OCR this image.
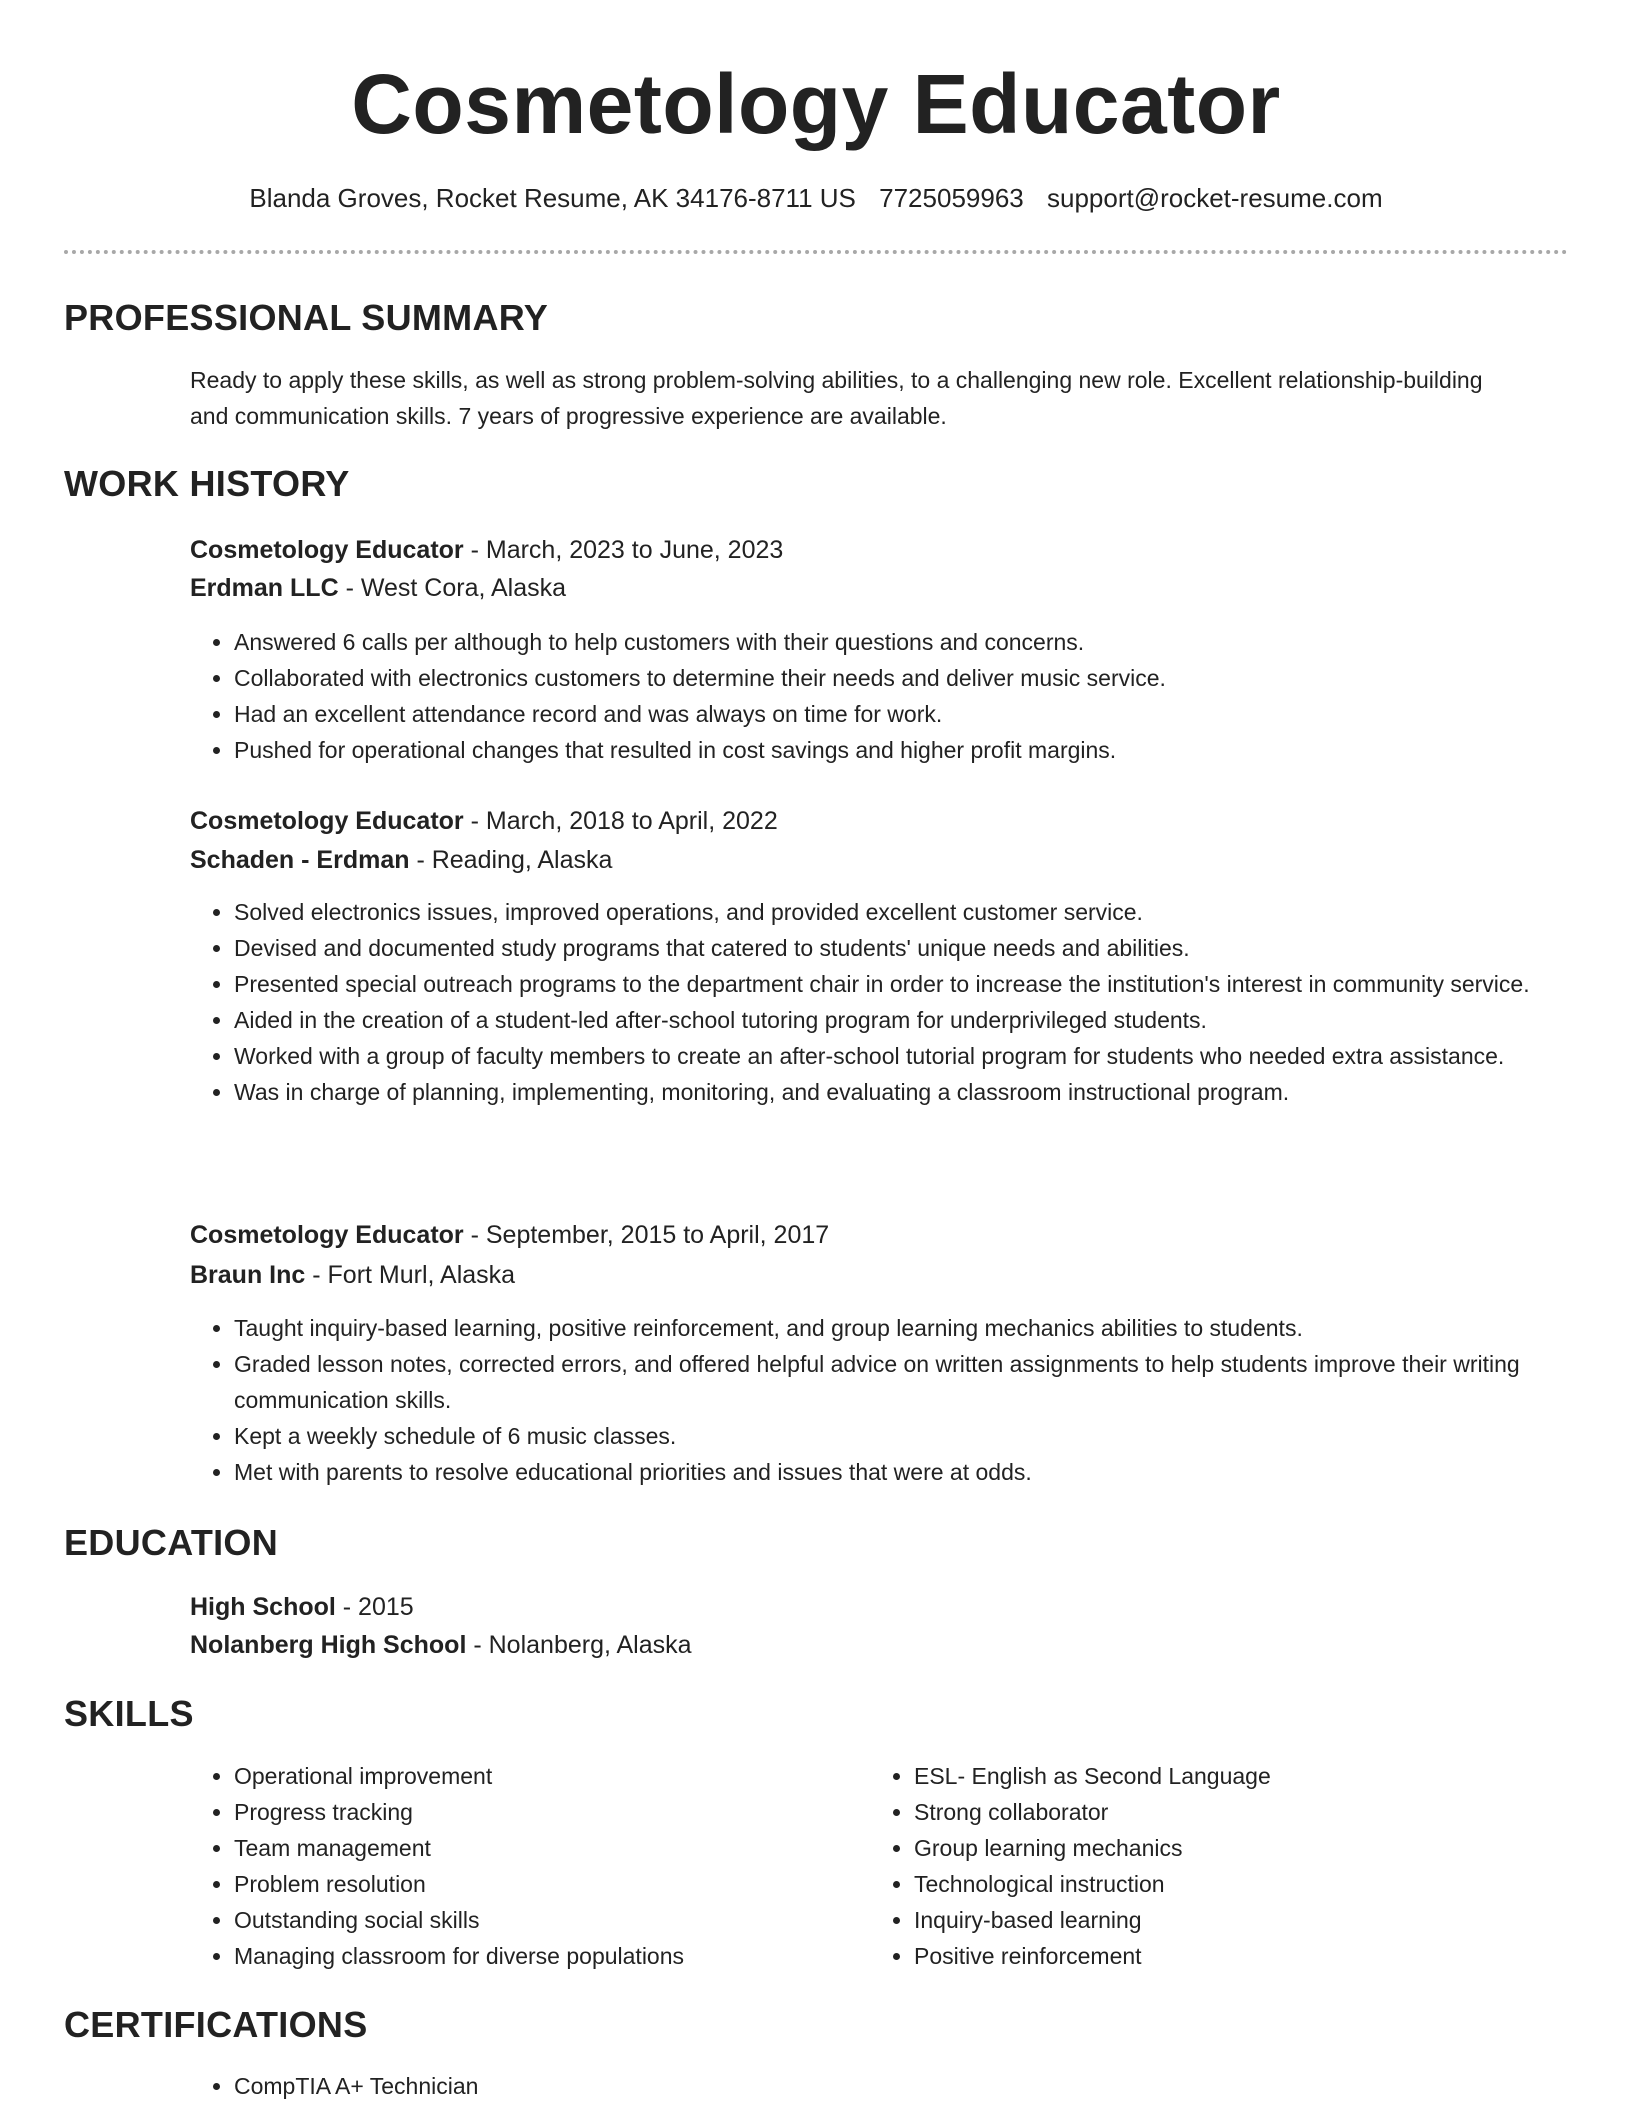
Cosmetology Educator
Blanda Groves, Rocket Resume, AK 34176-8711 US 7725059963 support@rocket-resume.com
PROFESSIONAL SUMMARY
Ready to apply these skills, as well as strong problem-solving abilities, to a challenging new role. Excellent relationship-building and communication skills. 7 years of progressive experience are available.
WORK HISTORY
Cosmetology Educator - March, 2023 to June, 2023
Erdman LLC - West Cora, Alaska
• Answered 6 calls per although to help customers with their questions and concerns.
• Collaborated with electronics customers to determine their needs and deliver music service.
• Had an excellent attendance record and was always on time for work.
• Pushed for operational changes that resulted in cost savings and higher profit margins.
Cosmetology Educator - March, 2018 to April, 2022
Schaden - Erdman - Reading, Alaska
• Solved electronics issues, improved operations, and provided excellent customer service.
• Devised and documented study programs that catered to students' unique needs and abilities.
• Presented special outreach programs to the department chair in order to increase the institution's interest in community service.
• Aided in the creation of a student-led after-school tutoring program for underprivileged students.
• Worked with a group of faculty members to create an after-school tutorial program for students who needed extra assistance.
• Was in charge of planning, implementing, monitoring, and evaluating a classroom instructional program.
Cosmetology Educator - September, 2015 to April, 2017
Braun Inc - Fort Murl, Alaska
• Taught inquiry-based learning, positive reinforcement, and group learning mechanics abilities to students.
• Graded lesson notes, corrected errors, and offered helpful advice on written assignments to help students improve their writing communication skills.
• Kept a weekly schedule of 6 music classes.
• Met with parents to resolve educational priorities and issues that were at odds.
EDUCATION
High School - 2015
Nolanberg High School - Nolanberg, Alaska
SKILLS
• Operational improvement
• Progress tracking
• Team management
• Problem resolution
• Outstanding social skills
• Managing classroom for diverse populations
• ESL- English as Second Language
• Strong collaborator
• Group learning mechanics
• Technological instruction
• Inquiry-based learning
• Positive reinforcement
CERTIFICATIONS
• CompTIA A+ Technician
